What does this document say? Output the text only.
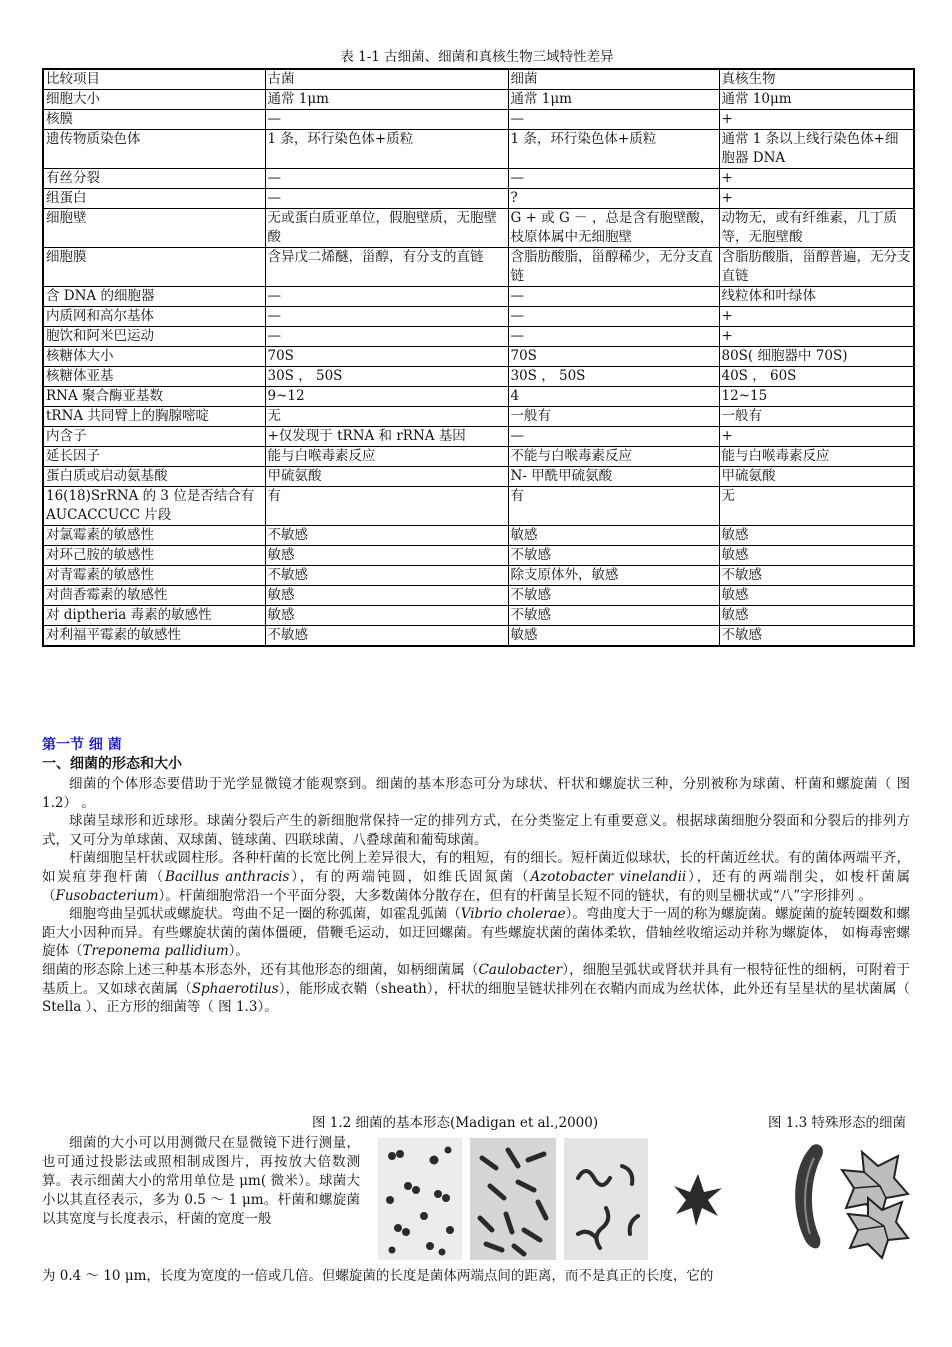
表 1-1 古细菌、细菌和真核生物三域特性差异
比较项目	古菌	细菌	真核生物
细胞大小	通常 1μm	通常 1μm	通常 10μm
核膜	—	—	+
遗传物质染色体	1 条，环行染色体+质粒	1 条，环行染色体+质粒	通常 1 条以上线行染色体+细胞器 DNA
有丝分裂	—	—	+
组蛋白	—	?	+
细胞壁	无或蛋白质亚单位，假胞壁质，无胞壁酸	G + 或 G － ，总是含有胞壁酸，枝原体属中无细胞壁	动物无，或有纤维素，几丁质等，无胞壁酸
细胞膜	含异戊二烯醚，甾醇，有分支的直链	含脂肪酸脂，甾醇稀少，无分支直链	含脂肪酸脂，甾醇普遍，无分支直链
含 DNA 的细胞器	—	—	线粒体和叶绿体
内质网和高尔基体	—	—	+
胞饮和阿米巴运动	—	—	+
核糖体大小	70S	70S	80S( 细胞器中 70S)
核糖体亚基	30S ， 50S	30S ， 50S	40S ， 60S
RNA 聚合酶亚基数	9~12	4	12~15
tRNA 共同臂上的胸腺嘧啶	无	一般有	一般有
内含子	+仅发现于 tRNA 和 rRNA 基因	—	+
延长因子	能与白喉毒素反应	不能与白喉毒素反应	能与白喉毒素反应
蛋白质或启动氨基酸	甲硫氨酸	N- 甲酰甲硫氨酸	甲硫氨酸
16(18)SrRNA 的 3 位是否结合有 AUCACCUCC 片段	有	有	无
对氯霉素的敏感性	不敏感	敏感	敏感
对环己胺的敏感性	敏感	不敏感	敏感
对青霉素的敏感性	不敏感	除支原体外，敏感	不敏感
对茴香霉素的敏感性	敏感	不敏感	敏感
对 diptheria 毒素的敏感性	敏感	不敏感	敏感
对利福平霉素的敏感性	不敏感	敏感	不敏感
第一节 细 菌
一、细菌的形态和大小

细菌的个体形态要借助于光学显微镜才能观察到。细菌的基本形态可分为球状、杆状和螺旋状三种，分别被称为球菌、杆菌和螺旋菌（ 图 1.2） 。

球菌呈球形和近球形。球菌分裂后产生的新细胞常保持一定的排列方式，在分类鉴定上有重要意义。根据球菌细胞分裂面和分裂后的排列方式，又可分为单球菌、双球菌、链球菌、四联球菌、八叠球菌和葡萄球菌。

杆菌细胞呈杆状或圆柱形。各种杆菌的长宽比例上差异很大，有的粗短，有的细长。短杆菌近似球状，长的杆菌近丝状。有的菌体两端平齐，如炭疽芽孢杆菌（Bacillus anthracis），有的两端钝圆，如维氏固氮菌（Azotobacter vinelandii），还有的两端削尖，如梭杆菌属（Fusobacterium）。杆菌细胞常沿一个平面分裂，大多数菌体分散存在，但有的杆菌呈长短不同的链状，有的则呈栅状或“八”字形排列 。

细胞弯曲呈弧状或螺旋状。弯曲不足一圈的称弧菌，如霍乱弧菌（Vibrio cholerae）。弯曲度大于一周的称为螺旋菌。螺旋菌的旋转圈数和螺距大小因种而异。有些螺旋状菌的菌体僵硬，借鞭毛运动，如迂回螺菌。有些螺旋状菌的菌体柔软，借轴丝收缩运动并称为螺旋体， 如梅毒密螺旋体（Treponema pallidium）。

细菌的形态除上述三种基本形态外，还有其他形态的细菌，如柄细菌属（Caulobacter），细胞呈弧状或肾状并具有一根特征性的细柄，可附着于基质上。又如球衣菌属（Sphaerotilus），能形成衣鞘（sheath），杆状的细胞呈链状排列在衣鞘内而成为丝状体，此外还有呈星状的星状菌属（ Stella ）、正方形的细菌等（ 图 1.3）。

图 1.2 细菌的基本形态(Madigan et al.,2000)	图 1.3 特殊形态的细菌

细菌的大小可以用测微尺在显微镜下进行测量，也可通过投影法或照相制成图片，再按放大倍数测算。表示细菌大小的常用单位是 μm( 微米）。球菌大小以其直径表示，多为 0.5 ～ 1 μm。杆菌和螺旋菌以其宽度与长度表示，杆菌的宽度一般

为 0.4 ～ 10 μm，长度为宽度的一倍或几倍。但螺旋菌的长度是菌体两端点间的距离，而不是真正的长度，它的
